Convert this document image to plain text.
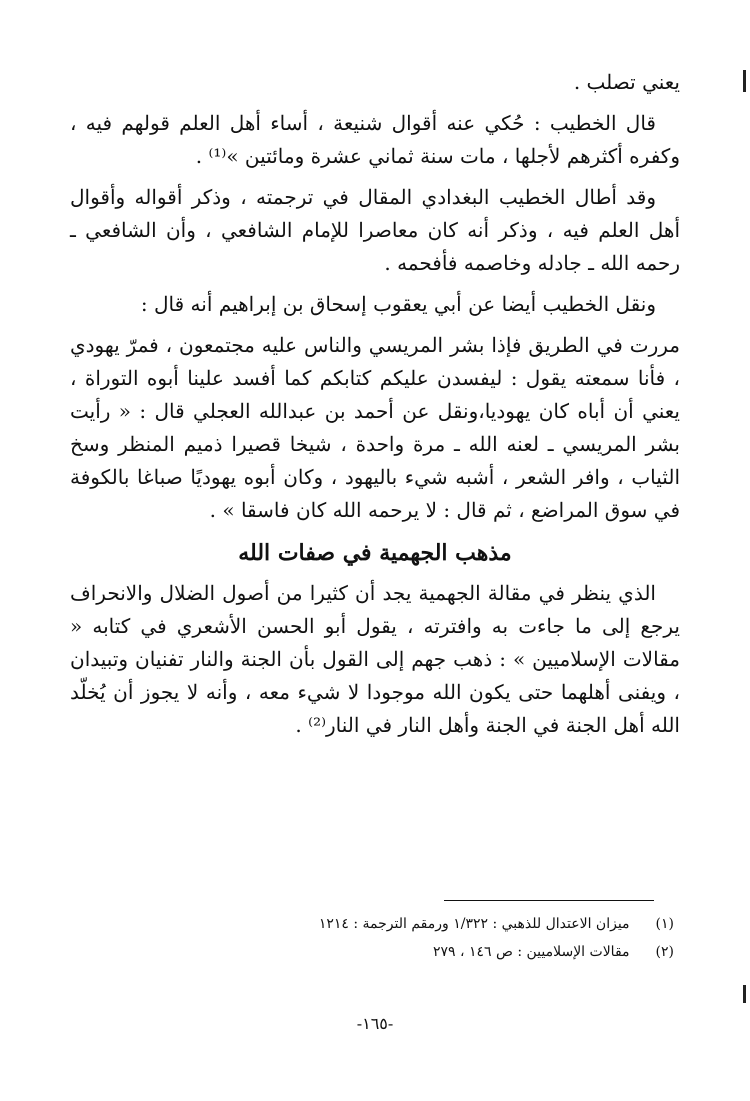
يعني تصلب .

قال الخطيب : حُكي عنه أقوال شنيعة ، أساء أهل العلم قولهم فيه ، وكفره أكثرهم لأجلها ، مات سنة ثماني عشرة ومائتين »⁽¹⁾ .

وقد أطال الخطيب البغدادي المقال في ترجمته ، وذكر أقواله وأقوال أهل العلم فيه ، وذكر أنه كان معاصرا للإمام الشافعي ، وأن الشافعي ـ رحمه الله ـ جادله وخاصمه فأفحمه .

ونقل الخطيب أيضا عن أبي يعقوب إسحاق بن إبراهيم أنه قال :

مررت في الطريق فإذا بشر المريسي والناس عليه مجتمعون ، فمرّ يهودي ، فأنا سمعته يقول : ليفسدن عليكم كتابكم كما أفسد علينا أبوه التوراة ، يعني أن أباه كان يهوديا،ونقل عن أحمد بن عبدالله العجلي قال : « رأيت بشر المريسي ـ لعنه الله ـ مرة واحدة ، شيخا قصيرا ذميم المنظر وسخ الثياب ، وافر الشعر ، أشبه شيء باليهود ، وكان أبوه يهوديًا صباغا بالكوفة في سوق المراضع ، ثم قال : لا يرحمه الله كان فاسقا » .

مذهب الجهمية في صفات الله

الذي ينظر في مقالة الجهمية يجد أن كثيرا من أصول الضلال والانحراف يرجع إلى ما جاءت به وافترته ، يقول أبو الحسن الأشعري في كتابه « مقالات الإسلاميين » : ذهب جهم إلى القول بأن الجنة والنار تفنيان وتبيدان ، ويفنى أهلهما حتى يكون الله موجودا لا شيء معه ، وأنه لا يجوز أن يُخلّد الله أهل الجنة في الجنة وأهل النار في النار⁽²⁾ .

(١) ميزان الاعتدال للذهبي : ١/٣٢٢ ورمقم الترجمة : ١٢١٤
(٢) مقالات الإسلاميين : ص ١٤٦ ، ٢٧٩
-١٦٥-
